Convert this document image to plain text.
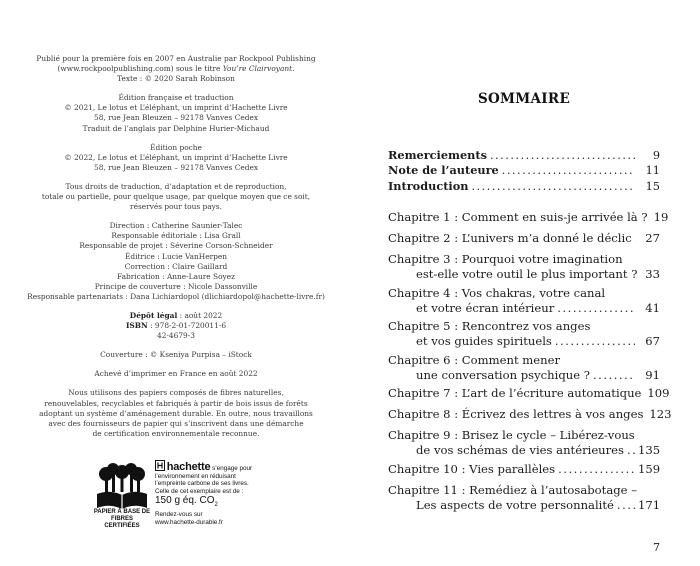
Publié pour la première fois en 2007 en Australie par Rockpool Publishing

(www.rockpoolpublishing.com) sous le titre You’re Clairvoyant.

Texte : © 2020 Sarah Robinson

Édition française et traduction

© 2021, Le lotus et L’éléphant, un imprint d’Hachette Livre

58, rue Jean Bleuzen – 92178 Vanves Cedex

Traduit de l’anglais par Delphine Hurier-Michaud

Édition poche

© 2022, Le lotus et L’éléphant, un imprint d’Hachette Livre

58, rue Jean Bleuzen – 92178 Vanves Cedex

Tous droits de traduction, d’adaptation et de reproduction,

totale ou partielle, pour quelque usage, par quelque moyen que ce soit,

réservés pour tous pays.

Direction : Catherine Saunier-Talec

Responsable éditoriale : Lisa Grall

Responsable de projet : Séverine Corson-Schneider

Éditrice : Lucie VanHerpen

Correction : Claire Gaillard

Fabrication : Anne-Laure Soyez

Principe de couverture : Nicole Dassonville

Responsable partenariats : Dana Lichiardopol (dlichiardopol@hachette-livre.fr)

Dépôt légal : août 2022

ISBN : 978-2-01-720011-6

42-4679-3

Couverture : © Kseniya Purpisa – iStock

Achevé d’imprimer en France en août 2022

Nous utilisons des papiers composés de fibres naturelles,

renouvelables, recyclables et fabriqués à partir de bois issus de forêts

adoptant un système d’aménagement durable. En outre, nous travaillons

avec des fournisseurs de papier qui s’inscrivent dans une démarche

de certification environnementale reconnue.

PAPIER À BASE DE FIBRES CERTIFIÉES
hachette s’engage pour
l’environnement en réduisant
l’empreinte carbone de ses livres.
Celle de cet exemplaire est de :
150 g éq. $CO_2$
Rendez-vous sur
www.hachette-durable.fr
SOMMAIRE
Remerciements .....	9
Note de l’auteure .....	11
Introduction .....	15
Chapitre 1 : Comment en suis-je arrivée là ? 19
Chapitre 2 : L’univers m’a donné le déclic .....	27
Chapitre 3 : Pourquoi votre imagination
est-elle votre outil le plus important ? 33
Chapitre 4 : Vos chakras, votre canal
et votre écran intérieur .....	41
Chapitre 5 : Rencontrez vos anges
et vos guides spirituels .....	67
Chapitre 6 : Comment mener
une conversation psychique ? .....	91
Chapitre 7 : L’art de l’écriture automatique 109
Chapitre 8 : Écrivez des lettres à vos anges 123
Chapitre 9 : Brisez le cycle – Libérez-vous
de vos schémas de vies antérieures ..... 135
Chapitre 10 : Vies parallèles .....	159
Chapitre 11 : Remédiez à l’autosabotage –
Les aspects de votre personnalité ..... 171
7
